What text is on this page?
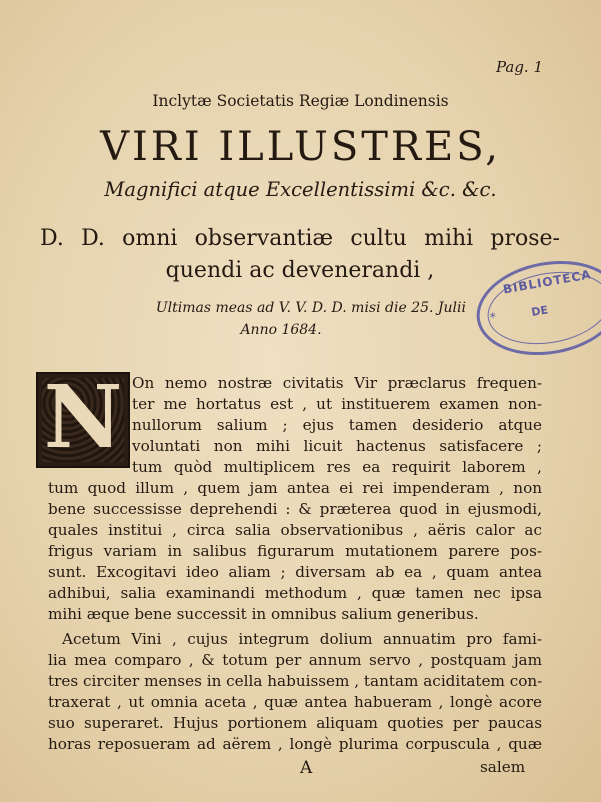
Pag. 1
Inclytæ Societatis Regiæ Londinensis
VIRI ILLUSTRES,
Magnifici atque Excellentissimi &c. &c.
D. D. omni observantiæ cultu mihi prose-
quendi ac devenerandi ,
Ultimas meas ad V. V. D. D. misi die 25. Julii
Anno 1684.
BIBLIOTECA
*	DE
N On nemo nostræ civitatis Vir præclarus frequen-
ter me hortatus est , ut instituerem examen non-
nullorum salium ; ejus tamen desiderio atque
voluntati non mihi licuit hactenus satisfacere ;
tum quòd multiplicem res ea requirit laborem ,
tum quod illum , quem jam antea ei rei impenderam , non
bene successisse deprehendi : & præterea quod in ejusmodi,
quales institui , circa salia observationibus , aëris calor ac
frigus variam in salibus figurarum mutationem parere pos-
sunt. Excogitavi ideo aliam ; diversam ab ea , quam antea
adhibui, salia examinandi methodum , quæ tamen nec ipsa
mihi æque bene successit in omnibus salium generibus.
Acetum Vini , cujus integrum dolium annuatim pro fami-
lia mea comparo , & totum per annum servo , postquam jam
tres circiter menses in cella habuissem , tantam aciditatem con-
traxerat , ut omnia aceta , quæ antea habueram , longè acore
suo superaret. Hujus portionem aliquam quoties per paucas
horas reposueram ad aërem , longè plurima corpuscula , quæ
A	salem
